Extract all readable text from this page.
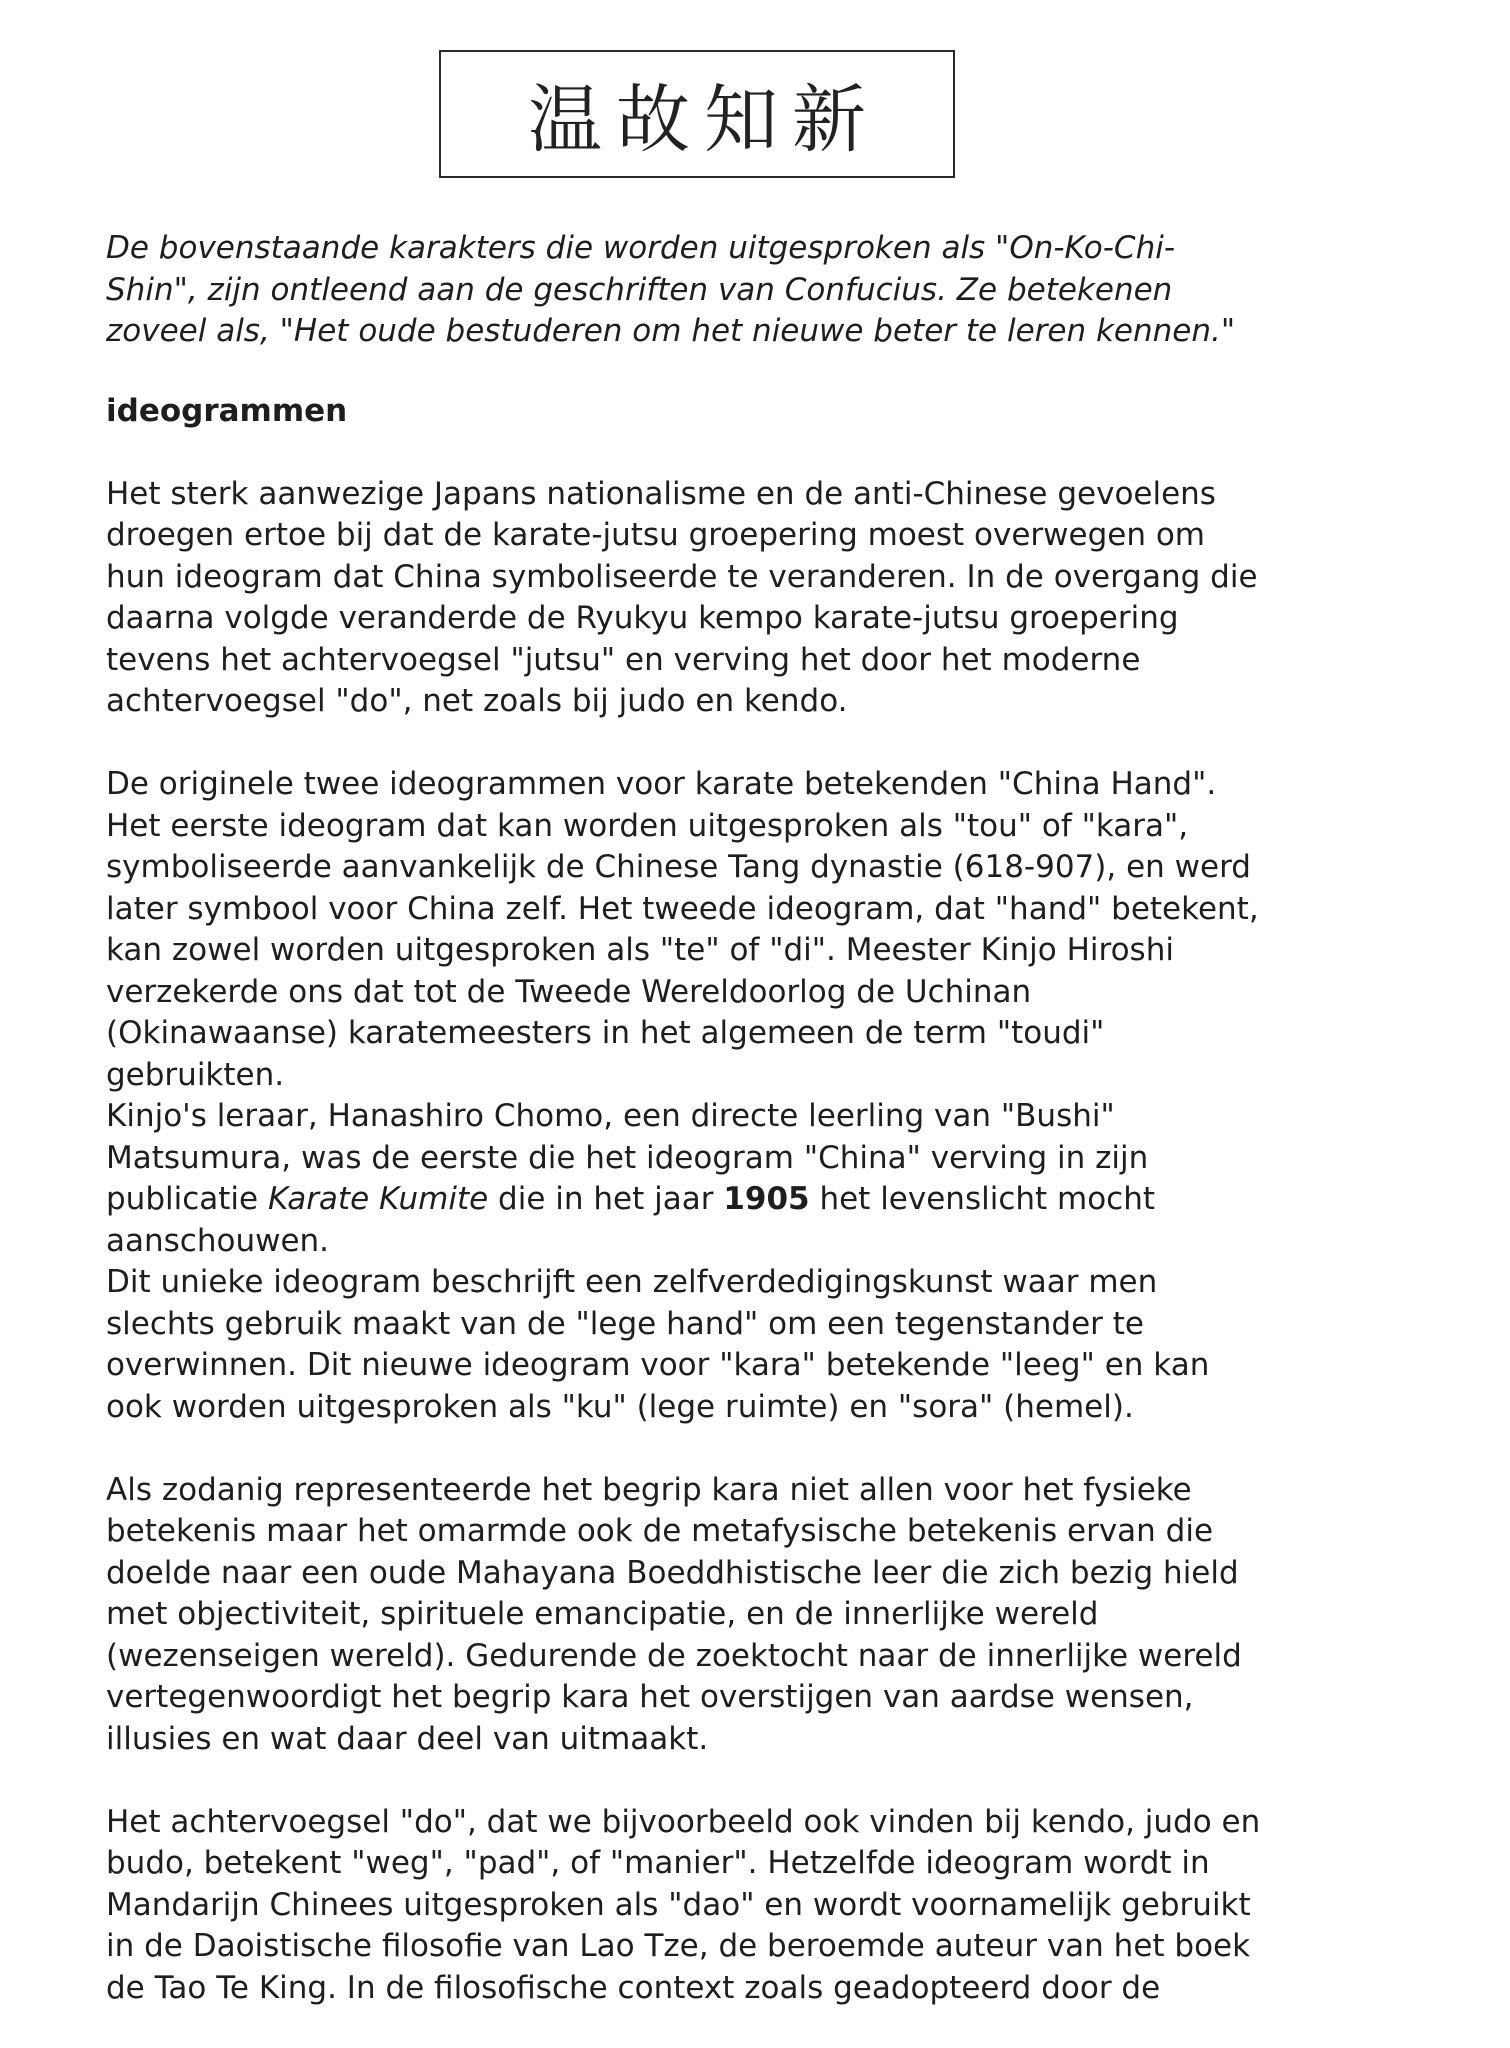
温故知新

De bovenstaande karakters die worden uitgesproken als "On-Ko-Chi-
Shin", zijn ontleend aan de geschriften van Confucius. Ze betekenen
zoveel als, "Het oude bestuderen om het nieuwe beter te leren kennen."

ideogrammen

Het sterk aanwezige Japans nationalisme en de anti-Chinese gevoelens
droegen ertoe bij dat de karate-jutsu groepering moest overwegen om
hun ideogram dat China symboliseerde te veranderen. In de overgang die
daarna volgde veranderde de Ryukyu kempo karate-jutsu groepering
tevens het achtervoegsel "jutsu" en verving het door het moderne
achtervoegsel "do", net zoals bij judo en kendo.

De originele twee ideogrammen voor karate betekenden "China Hand".
Het eerste ideogram dat kan worden uitgesproken als "tou" of "kara",
symboliseerde aanvankelijk de Chinese Tang dynastie (618-907), en werd
later symbool voor China zelf. Het tweede ideogram, dat "hand" betekent,
kan zowel worden uitgesproken als "te" of "di". Meester Kinjo Hiroshi
verzekerde ons dat tot de Tweede Wereldoorlog de Uchinan
(Okinawaanse) karatemeesters in het algemeen de term "toudi"
gebruikten.

Kinjo's leraar, Hanashiro Chomo, een directe leerling van "Bushi"
Matsumura, was de eerste die het ideogram "China" verving in zijn
publicatie Karate Kumite die in het jaar 1905 het levenslicht mocht
aanschouwen.

Dit unieke ideogram beschrijft een zelfverdedigingskunst waar men
slechts gebruik maakt van de "lege hand" om een tegenstander te
overwinnen. Dit nieuwe ideogram voor "kara" betekende "leeg" en kan
ook worden uitgesproken als "ku" (lege ruimte) en "sora" (hemel).

Als zodanig representeerde het begrip kara niet allen voor het fysieke
betekenis maar het omarmde ook de metafysische betekenis ervan die
doelde naar een oude Mahayana Boeddhistische leer die zich bezig hield
met objectiviteit, spirituele emancipatie, en de innerlijke wereld
(wezenseigen wereld). Gedurende de zoektocht naar de innerlijke wereld
vertegenwoordigt het begrip kara het overstijgen van aardse wensen,
illusies en wat daar deel van uitmaakt.

Het achtervoegsel "do", dat we bijvoorbeeld ook vinden bij kendo, judo en
budo, betekent "weg", "pad", of "manier". Hetzelfde ideogram wordt in
Mandarijn Chinees uitgesproken als "dao" en wordt voornamelijk gebruikt
in de Daoistische filosofie van Lao Tze, de beroemde auteur van het boek
de Tao Te King. In de filosofische context zoals geadopteerd door de
